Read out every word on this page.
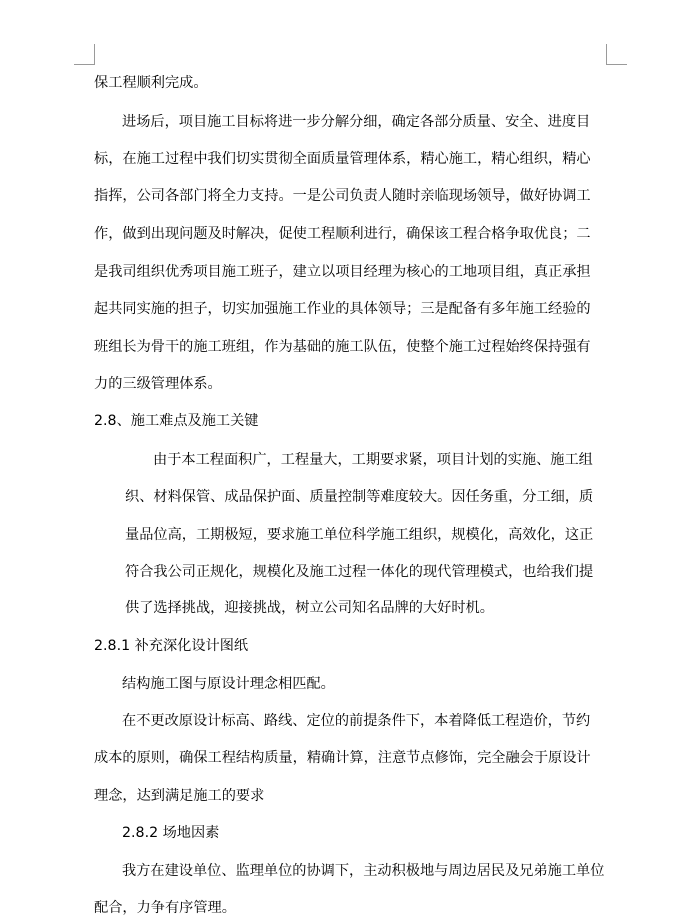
保工程顺利完成。
进场后，项目施工目标将进一步分解分细，确定各部分质量、安全、进度目
标，在施工过程中我们切实贯彻全面质量管理体系，精心施工，精心组织，精心
指挥，公司各部门将全力支持。一是公司负责人随时亲临现场领导，做好协调工
作，做到出现问题及时解决，促使工程顺利进行，确保该工程合格争取优良；二
是我司组织优秀项目施工班子，建立以项目经理为核心的工地项目组，真正承担
起共同实施的担子，切实加强施工作业的具体领导；三是配备有多年施工经验的
班组长为骨干的施工班组，作为基础的施工队伍，使整个施工过程始终保持强有
力的三级管理体系。
2.8、施工难点及施工关键
由于本工程面积广，工程量大，工期要求紧，项目计划的实施、施工组
织、材料保管、成品保护面、质量控制等难度较大。因任务重，分工细，质
量品位高，工期极短，要求施工单位科学施工组织，规模化，高效化，这正
符合我公司正规化，规模化及施工过程一体化的现代管理模式，也给我们提
供了选择挑战，迎接挑战，树立公司知名品牌的大好时机。
2.8.1 补充深化设计图纸
结构施工图与原设计理念相匹配。
在不更改原设计标高、路线、定位的前提条件下，本着降低工程造价，节约
成本的原则，确保工程结构质量，精确计算，注意节点修饰，完全融会于原设计
理念，达到满足施工的要求
2.8.2 场地因素
我方在建设单位、监理单位的协调下，主动积极地与周边居民及兄弟施工单位
配合，力争有序管理。
